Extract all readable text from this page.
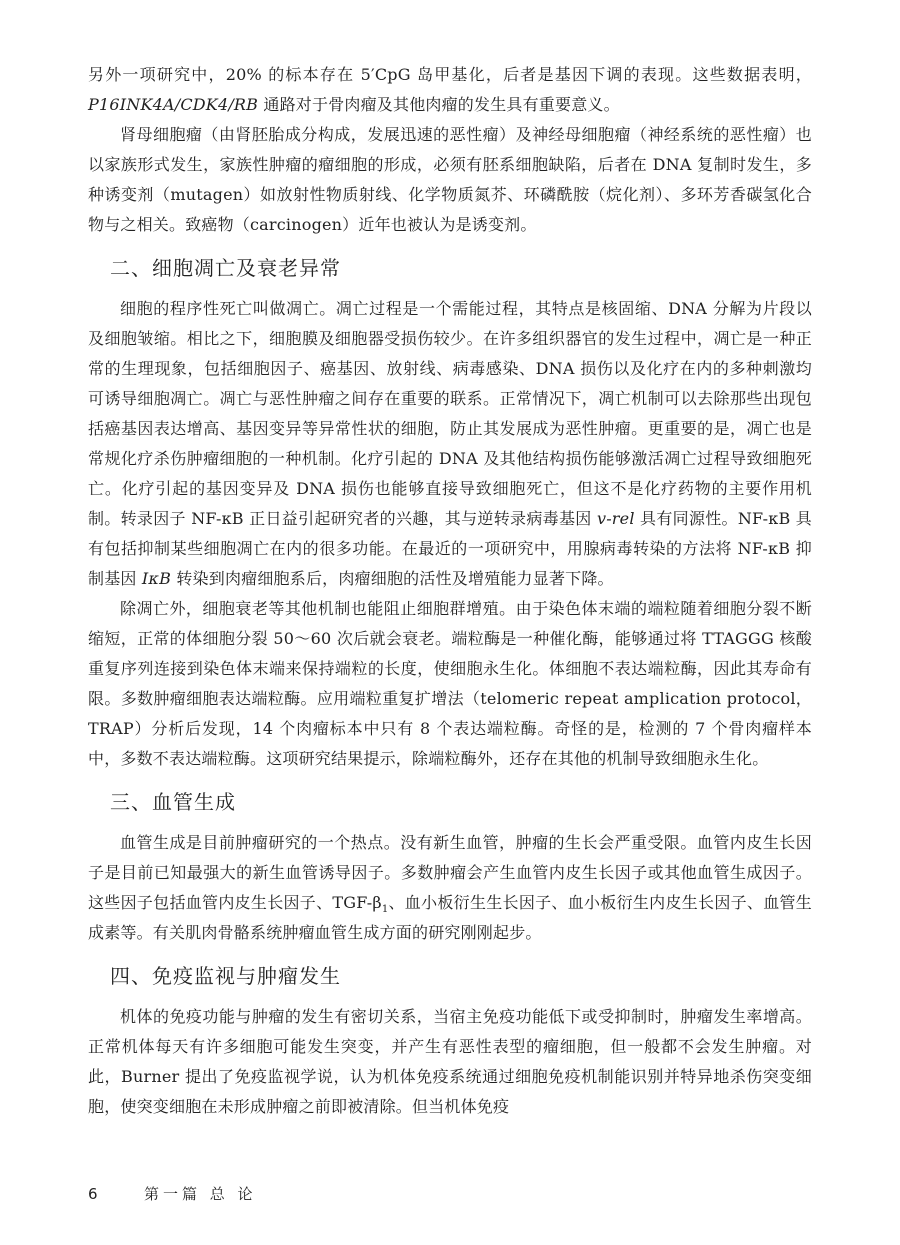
另外一项研究中，20% 的标本存在 5′CpG 岛甲基化，后者是基因下调的表现。这些数据表明，P16INK4A/CDK4/RB 通路对于骨肉瘤及其他肉瘤的发生具有重要意义。

肾母细胞瘤（由肾胚胎成分构成，发展迅速的恶性瘤）及神经母细胞瘤（神经系统的恶性瘤）也以家族形式发生，家族性肿瘤的瘤细胞的形成，必须有胚系细胞缺陷，后者在 DNA 复制时发生，多种诱变剂（mutagen）如放射性物质射线、化学物质氮芥、环磷酰胺（烷化剂）、多环芳香碳氢化合物与之相关。致癌物（carcinogen）近年也被认为是诱变剂。

二、细胞凋亡及衰老异常

细胞的程序性死亡叫做凋亡。凋亡过程是一个需能过程，其特点是核固缩、DNA 分解为片段以及细胞皱缩。相比之下，细胞膜及细胞器受损伤较少。在许多组织器官的发生过程中，凋亡是一种正常的生理现象，包括细胞因子、癌基因、放射线、病毒感染、DNA 损伤以及化疗在内的多种刺激均可诱导细胞凋亡。凋亡与恶性肿瘤之间存在重要的联系。正常情况下，凋亡机制可以去除那些出现包括癌基因表达增高、基因变异等异常性状的细胞，防止其发展成为恶性肿瘤。更重要的是，凋亡也是常规化疗杀伤肿瘤细胞的一种机制。化疗引起的 DNA 及其他结构损伤能够激活凋亡过程导致细胞死亡。化疗引起的基因变异及 DNA 损伤也能够直接导致细胞死亡，但这不是化疗药物的主要作用机制。转录因子 NF-κB 正日益引起研究者的兴趣，其与逆转录病毒基因 v-rel 具有同源性。NF-κB 具有包括抑制某些细胞凋亡在内的很多功能。在最近的一项研究中，用腺病毒转染的方法将 NF-κB 抑制基因 IκB 转染到肉瘤细胞系后，肉瘤细胞的活性及增殖能力显著下降。

除凋亡外，细胞衰老等其他机制也能阻止细胞群增殖。由于染色体末端的端粒随着细胞分裂不断缩短，正常的体细胞分裂 50～60 次后就会衰老。端粒酶是一种催化酶，能够通过将 TTAGGG 核酸重复序列连接到染色体末端来保持端粒的长度，使细胞永生化。体细胞不表达端粒酶，因此其寿命有限。多数肿瘤细胞表达端粒酶。应用端粒重复扩增法（telomeric repeat amplication protocol，TRAP）分析后发现，14 个肉瘤标本中只有 8 个表达端粒酶。奇怪的是，检测的 7 个骨肉瘤样本中，多数不表达端粒酶。这项研究结果提示，除端粒酶外，还存在其他的机制导致细胞永生化。

三、血管生成

血管生成是目前肿瘤研究的一个热点。没有新生血管，肿瘤的生长会严重受限。血管内皮生长因子是目前已知最强大的新生血管诱导因子。多数肿瘤会产生血管内皮生长因子或其他血管生成因子。这些因子包括血管内皮生长因子、TGF-$\beta_1$、血小板衍生生长因子、血小板衍生内皮生长因子、血管生成素等。有关肌肉骨骼系统肿瘤血管生成方面的研究刚刚起步。

四、免疫监视与肿瘤发生

机体的免疫功能与肿瘤的发生有密切关系，当宿主免疫功能低下或受抑制时，肿瘤发生率增高。正常机体每天有许多细胞可能发生突变，并产生有恶性表型的瘤细胞，但一般都不会发生肿瘤。对此，Burner 提出了免疫监视学说，认为机体免疫系统通过细胞免疫机制能识别并特异地杀伤突变细胞，使突变细胞在未形成肿瘤之前即被清除。但当机体免疫

6	第一篇 总 论
